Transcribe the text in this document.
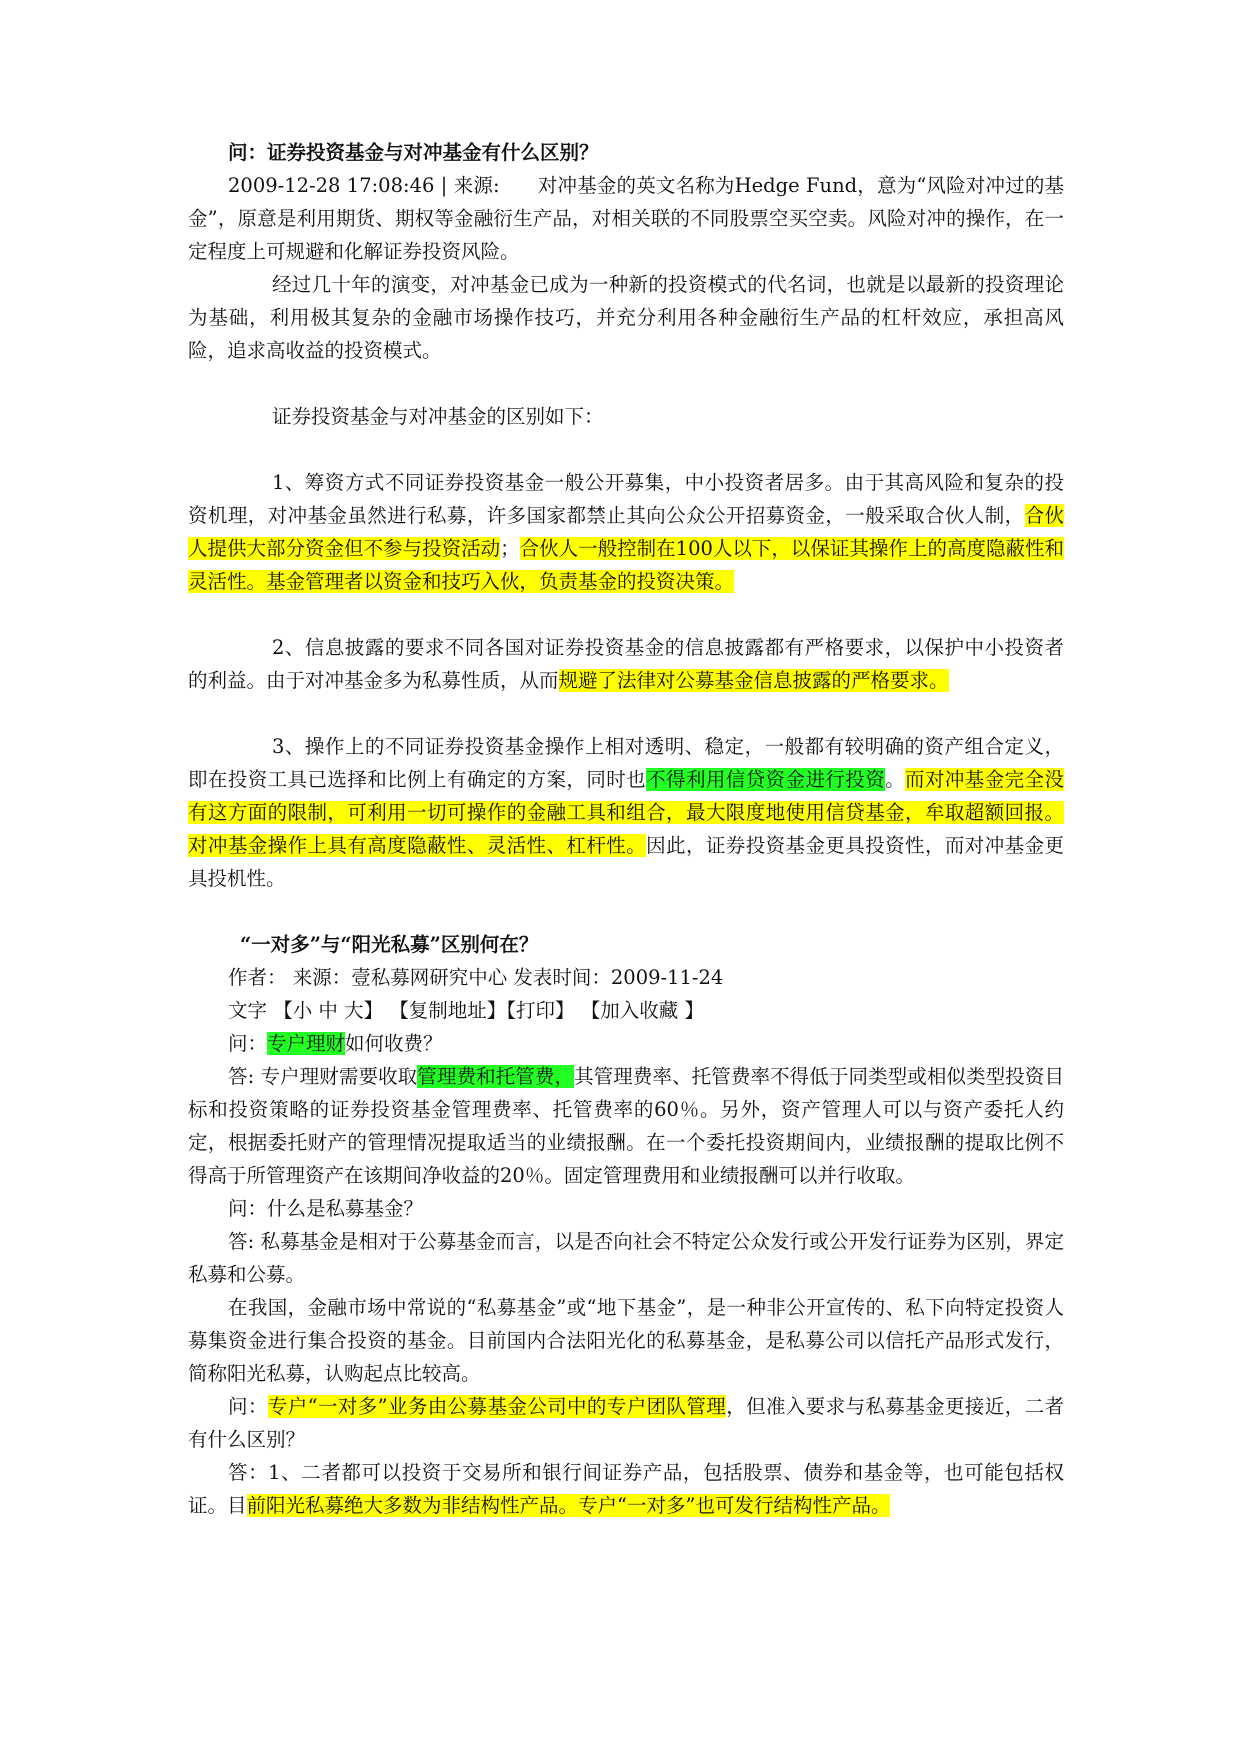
问：证券投资基金与对冲基金有什么区别？

2009-12-28 17:08:46 | 来源: 对冲基金的英文名称为Hedge Fund，意为“风险对冲过的基金”，原意是利用期货、期权等金融衍生产品，对相关联的不同股票空买空卖。风险对冲的操作，在一定程度上可规避和化解证券投资风险。

经过几十年的演变，对冲基金已成为一种新的投资模式的代名词，也就是以最新的投资理论为基础，利用极其复杂的金融市场操作技巧，并充分利用各种金融衍生产品的杠杆效应，承担高风险，追求高收益的投资模式。

证券投资基金与对冲基金的区别如下：

1、筹资方式不同证券投资基金一般公开募集，中小投资者居多。由于其高风险和复杂的投资机理，对冲基金虽然进行私募，许多国家都禁止其向公众公开招募资金，一般采取合伙人制，合伙人提供大部分资金但不参与投资活动；合伙人一般控制在100人以下，以保证其操作上的高度隐蔽性和灵活性。基金管理者以资金和技巧入伙，负责基金的投资决策。

2、信息披露的要求不同各国对证券投资基金的信息披露都有严格要求，以保护中小投资者的利益。由于对冲基金多为私募性质，从而规避了法律对公募基金信息披露的严格要求。

3、操作上的不同证券投资基金操作上相对透明、稳定，一般都有较明确的资产组合定义，即在投资工具已选择和比例上有确定的方案，同时也不得利用信贷资金进行投资。而对冲基金完全没有这方面的限制，可利用一切可操作的金融工具和组合，最大限度地使用信贷基金，牟取超额回报。对冲基金操作上具有高度隐蔽性、灵活性、杠杆性。因此，证券投资基金更具投资性，而对冲基金更具投机性。

“一对多”与“阳光私募”区别何在？

作者： 来源：壹私募网研究中心 发表时间：2009-11-24

文字 【小 中 大】 【复制地址】【打印】 【加入收藏 】

问：专户理财如何收费？

答: 专户理财需要收取管理费和托管费，其管理费率、托管费率不得低于同类型或相似类型投资目标和投资策略的证券投资基金管理费率、托管费率的60％。另外，资产管理人可以与资产委托人约定，根据委托财产的管理情况提取适当的业绩报酬。在一个委托投资期间内，业绩报酬的提取比例不得高于所管理资产在该期间净收益的20％。固定管理费用和业绩报酬可以并行收取。

问：什么是私募基金？

答: 私募基金是相对于公募基金而言，以是否向社会不特定公众发行或公开发行证券为区别，界定私募和公募。

在我国，金融市场中常说的“私募基金”或“地下基金”，是一种非公开宣传的、私下向特定投资人募集资金进行集合投资的基金。目前国内合法阳光化的私募基金，是私募公司以信托产品形式发行，简称阳光私募，认购起点比较高。

问：专户“一对多”业务由公募基金公司中的专户团队管理，但准入要求与私募基金更接近，二者有什么区别？

答：1、二者都可以投资于交易所和银行间证券产品，包括股票、债券和基金等，也可能包括权证。目前阳光私募绝大多数为非结构性产品。专户“一对多”也可发行结构性产品。
